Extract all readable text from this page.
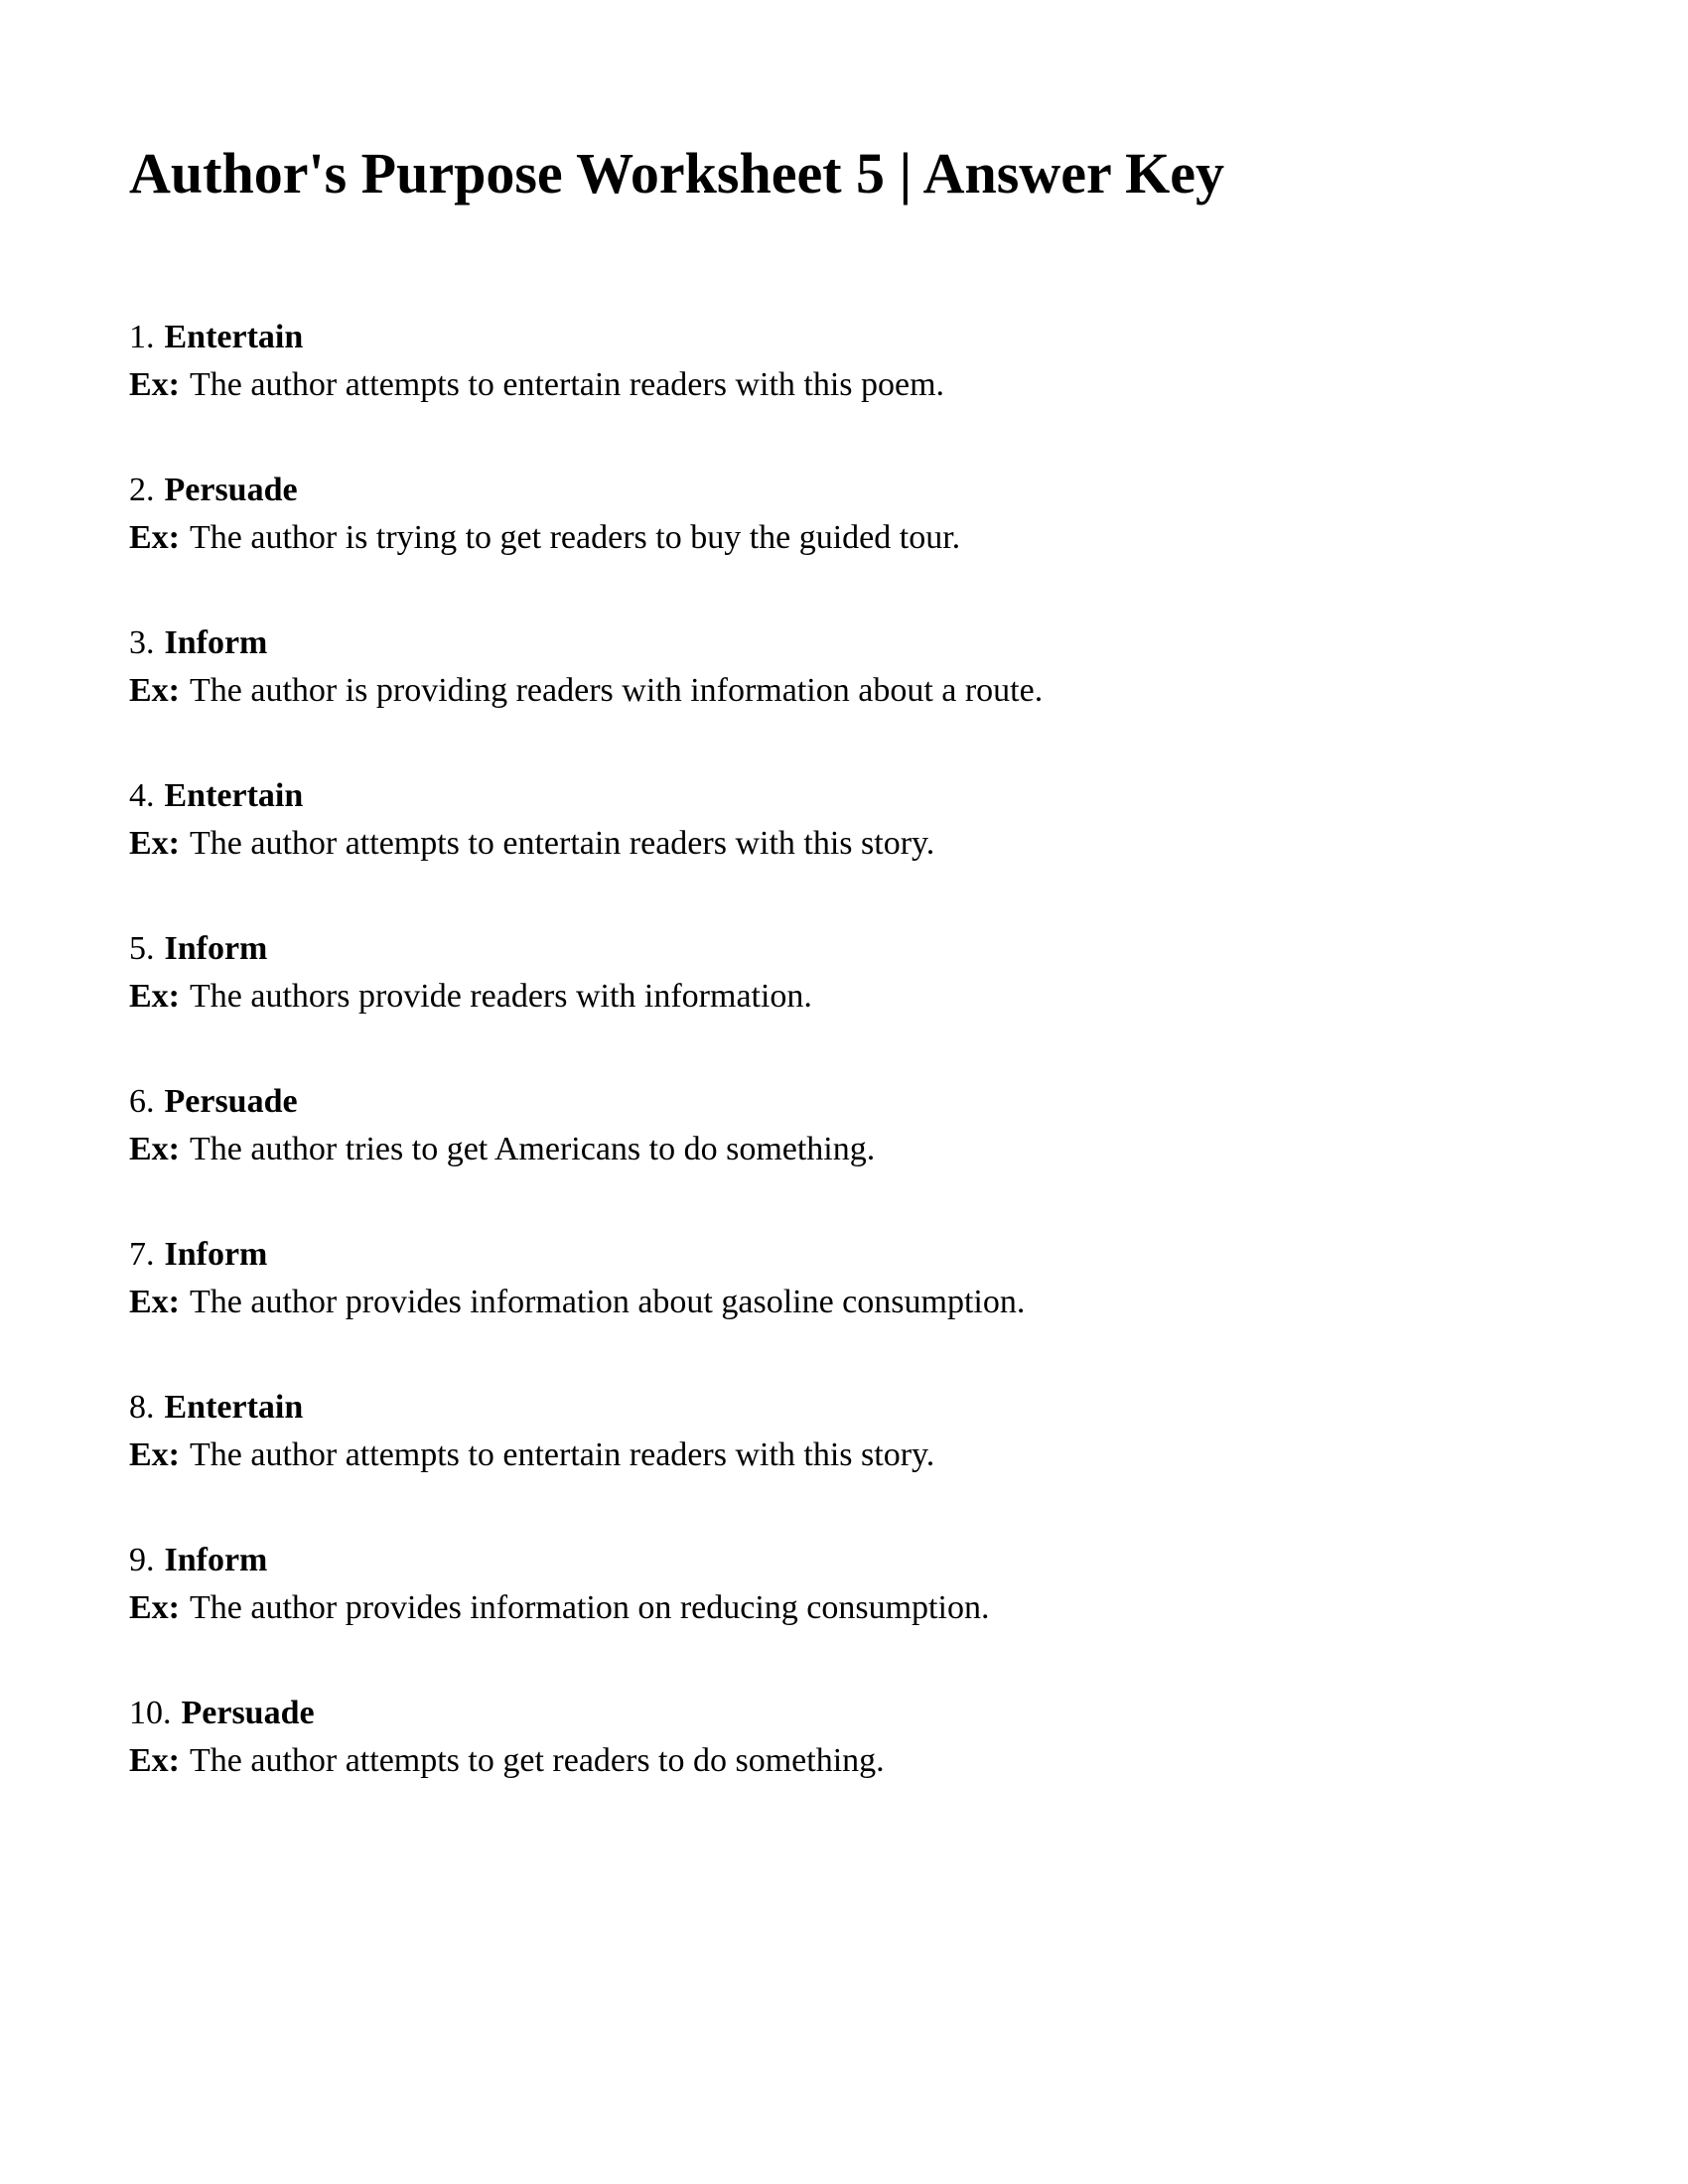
Author's Purpose Worksheet 5 | Answer Key
1. Entertain
Ex: The author attempts to entertain readers with this poem.
2. Persuade
Ex: The author is trying to get readers to buy the guided tour.
3. Inform
Ex: The author is providing readers with information about a route.
4. Entertain
Ex: The author attempts to entertain readers with this story.
5. Inform
Ex: The authors provide readers with information.
6. Persuade
Ex: The author tries to get Americans to do something.
7. Inform
Ex: The author provides information about gasoline consumption.
8. Entertain
Ex: The author attempts to entertain readers with this story.
9. Inform
Ex: The author provides information on reducing consumption.
10. Persuade
Ex: The author attempts to get readers to do something.
